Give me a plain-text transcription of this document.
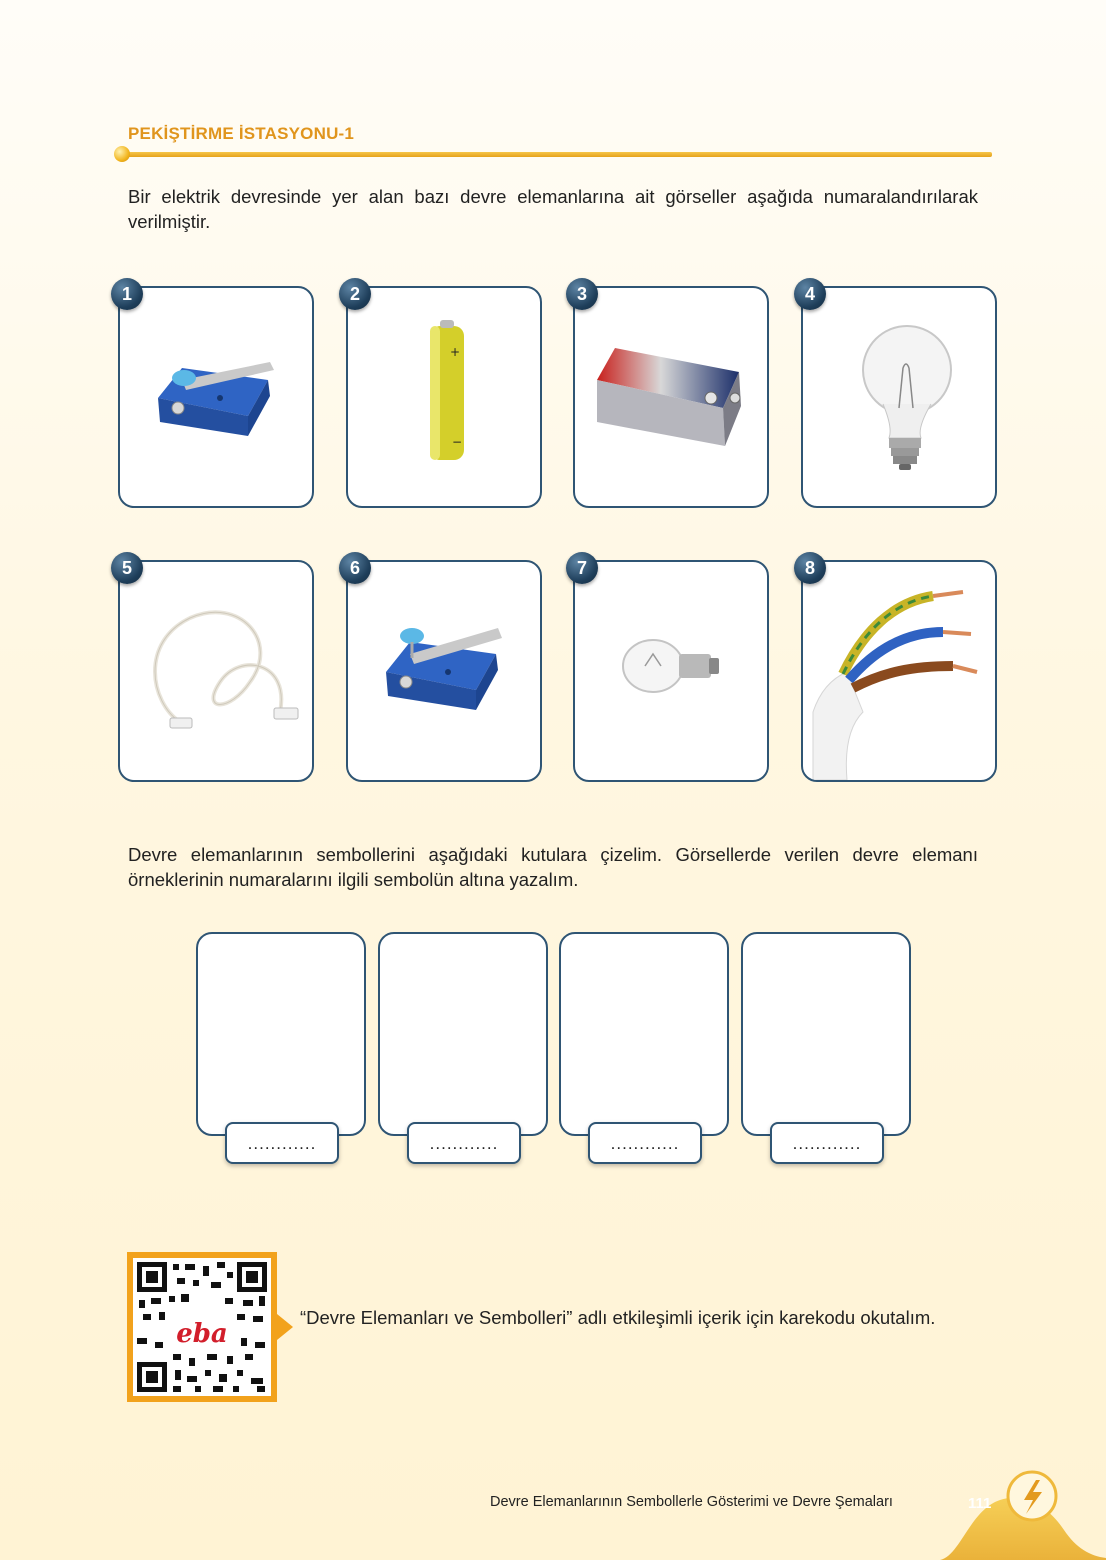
PEKİŞTİRME İSTASYONU-1
Bir elektrik devresinde yer alan bazı devre elemanlarına ait görseller aşağıda numaralandırılarak verilmiştir.
1	2
+
−
3	4
5	6	7	8
Devre elemanlarının sembollerini aşağıdaki kutulara çizelim. Görsellerde verilen devre elemanı örneklerinin numaralarını ilgili sembolün altına yazalım.
............	............	............	............
eba
“Devre Elemanları ve Sembolleri” adlı etkileşimli içerik için karekodu okutalım.
Devre Elemanlarının Sembollerle Gösterimi ve Devre Şemaları	111
